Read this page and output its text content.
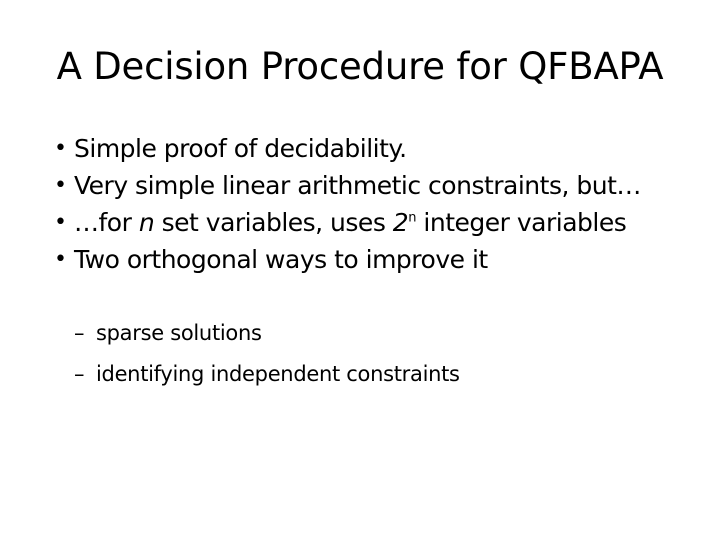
A Decision Procedure for QFBAPA
• Simple proof of decidability.
• Very simple linear arithmetic constraints, but…
• …for n set variables, uses 2$^n$ integer variables
• Two orthogonal ways to improve it
– sparse solutions
– identifying independent constraints
